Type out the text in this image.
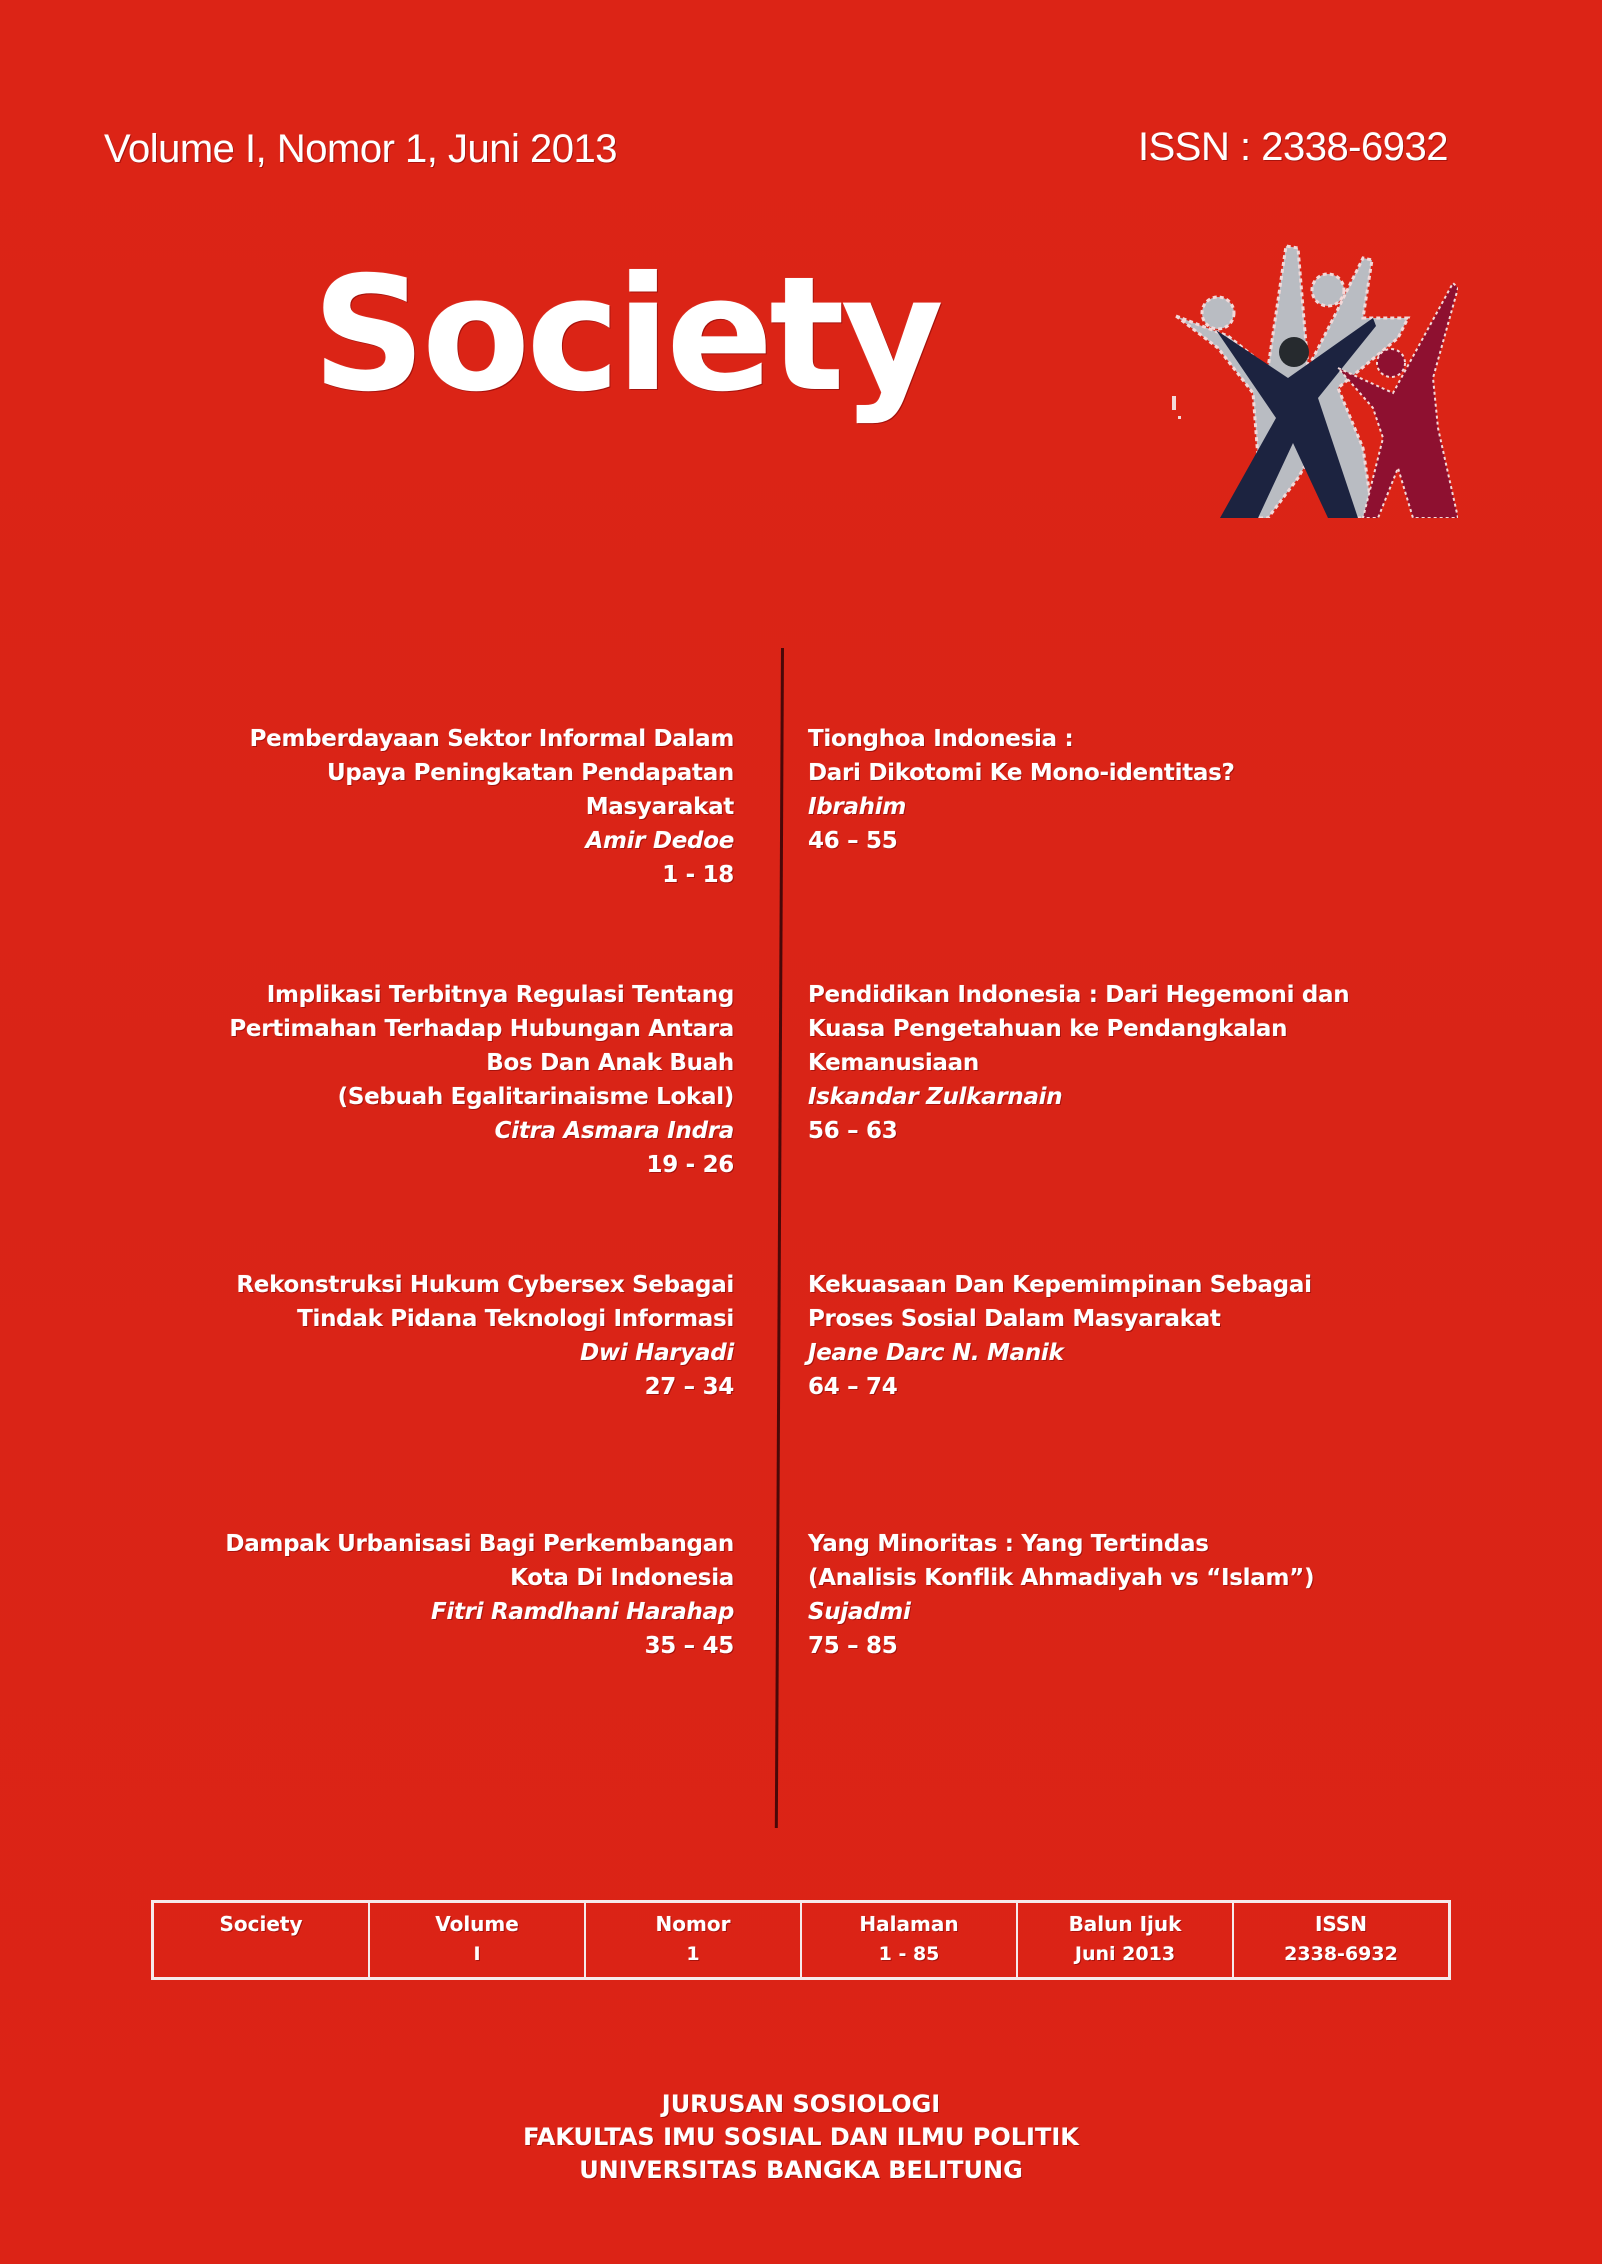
Volume I, Nomor 1, Juni 2013	ISSN : 2338-6932
Society
Pemberdayaan Sektor Informal Dalam
Upaya Peningkatan Pendapatan
Masyarakat
Amir Dedoe
1 - 18
Implikasi Terbitnya Regulasi Tentang
Pertimahan Terhadap Hubungan Antara
Bos Dan Anak Buah
(Sebuah Egalitarinaisme Lokal)
Citra Asmara Indra
19 - 26
Rekonstruksi Hukum Cybersex Sebagai
Tindak Pidana Teknologi Informasi
Dwi Haryadi
27 – 34
Dampak Urbanisasi Bagi Perkembangan
Kota Di Indonesia
Fitri Ramdhani Harahap
35 – 45
Tionghoa Indonesia :
Dari Dikotomi Ke Mono-identitas?
Ibrahim
46 – 55
Pendidikan Indonesia : Dari Hegemoni dan
Kuasa Pengetahuan ke Pendangkalan
Kemanusiaan
Iskandar Zulkarnain
56 – 63
Kekuasaan Dan Kepemimpinan Sebagai
Proses Sosial Dalam Masyarakat
Jeane Darc N. Manik
64 – 74
Yang Minoritas : Yang Tertindas
(Analisis Konflik Ahmadiyah vs “Islam”)
Sujadmi
75 – 85
Society	Volume
I
Nomor
1
Halaman
1 - 85
Balun Ijuk
Juni 2013
ISSN
2338-6932
JURUSAN SOSIOLOGI
FAKULTAS IMU SOSIAL DAN ILMU POLITIK
UNIVERSITAS BANGKA BELITUNG
